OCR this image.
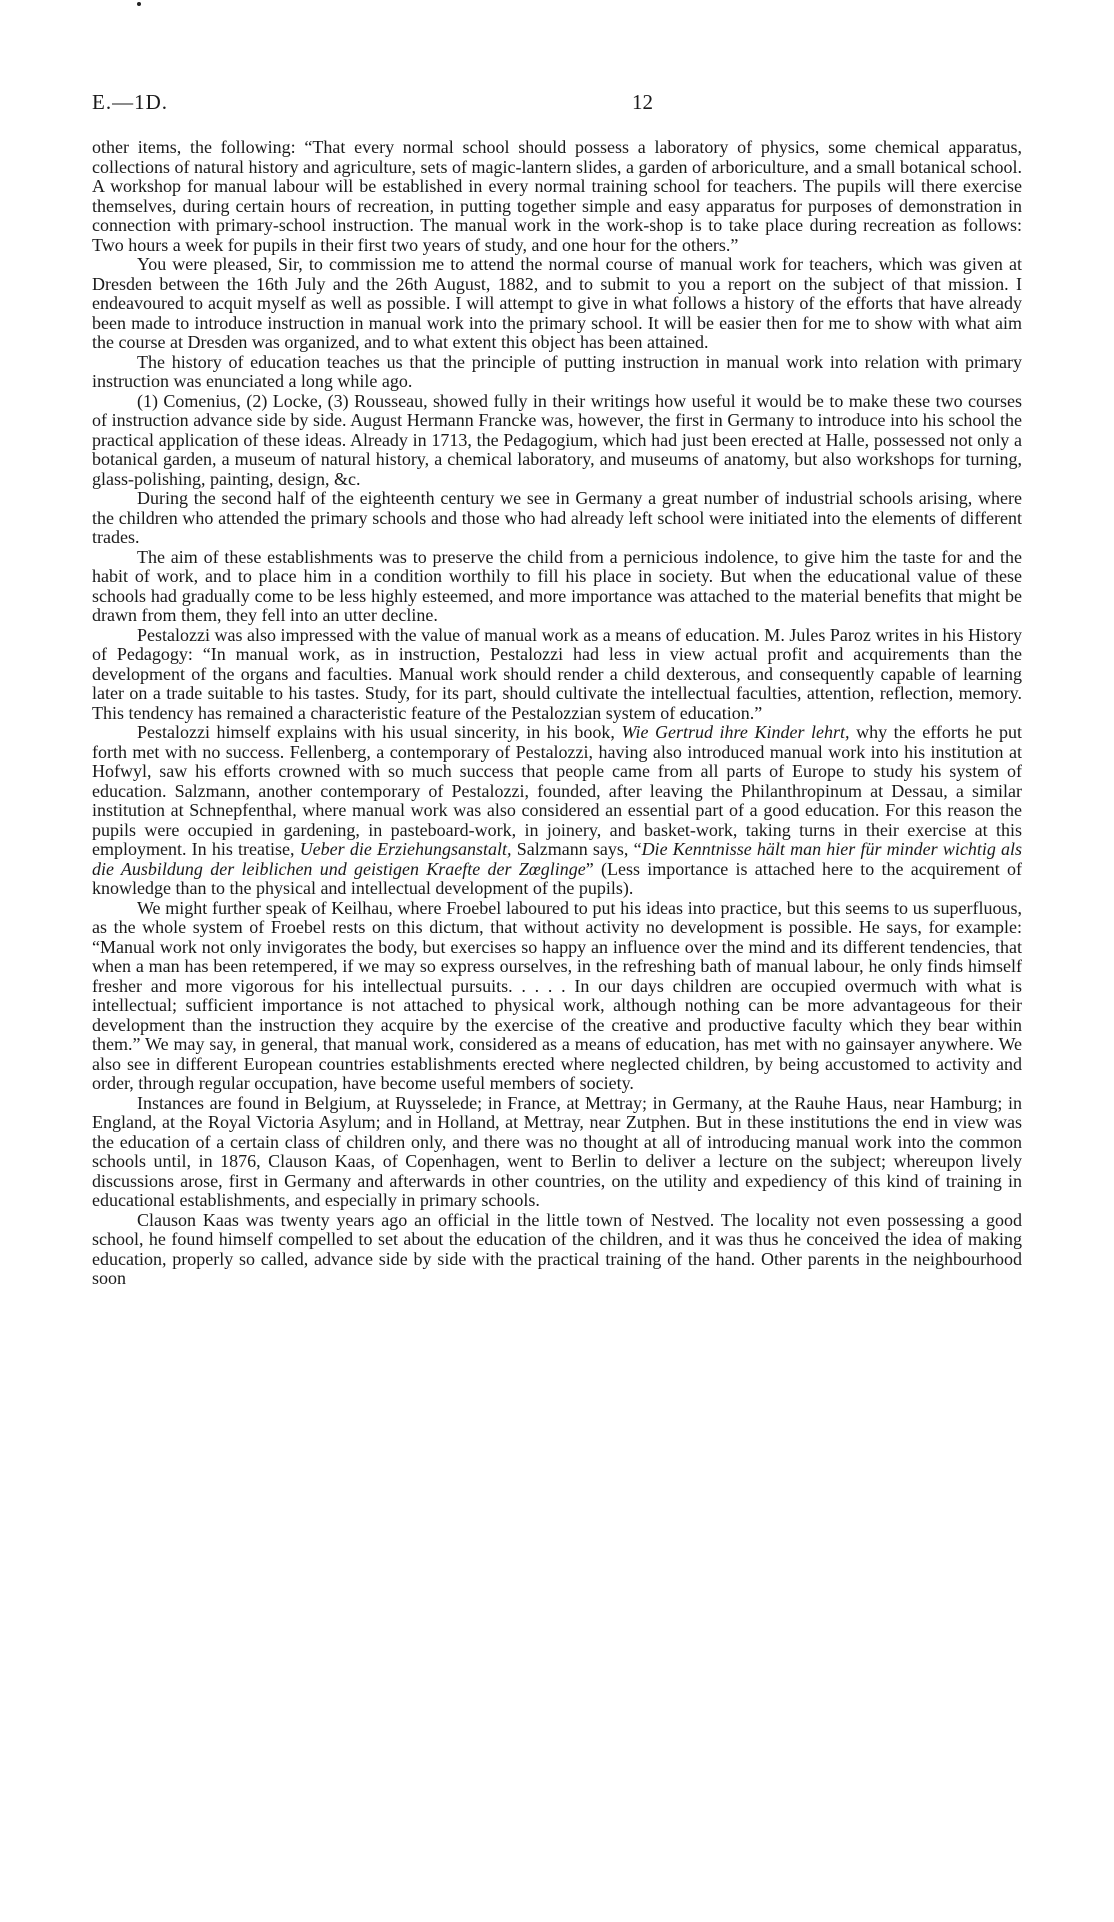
E.—1D.	12

other items, the following: “That every normal school should possess a laboratory of physics, some chemical apparatus, collections of natural history and agriculture, sets of magic-lantern slides, a garden of arboriculture, and a small botanical school. A workshop for manual labour will be established in every normal training school for teachers. The pupils will there exercise themselves, during certain hours of recreation, in putting together simple and easy apparatus for purposes of demonstration in connection with primary-school instruction. The manual work in the work-shop is to take place during recreation as follows: Two hours a week for pupils in their first two years of study, and one hour for the others.”

You were pleased, Sir, to commission me to attend the normal course of manual work for teachers, which was given at Dresden between the 16th July and the 26th August, 1882, and to submit to you a report on the subject of that mission. I endeavoured to acquit myself as well as possible. I will attempt to give in what follows a history of the efforts that have already been made to introduce instruction in manual work into the primary school. It will be easier then for me to show with what aim the course at Dresden was organized, and to what extent this object has been attained.

The history of education teaches us that the principle of putting instruction in manual work into relation with primary instruction was enunciated a long while ago.

(1) Comenius, (2) Locke, (3) Rousseau, showed fully in their writings how useful it would be to make these two courses of instruction advance side by side. August Hermann Francke was, however, the first in Germany to introduce into his school the practical application of these ideas. Already in 1713, the Pedagogium, which had just been erected at Halle, possessed not only a botanical garden, a museum of natural history, a chemical laboratory, and museums of anatomy, but also workshops for turning, glass-polishing, painting, design, &c.

During the second half of the eighteenth century we see in Germany a great number of industrial schools arising, where the children who attended the primary schools and those who had already left school were initiated into the elements of different trades.

The aim of these establishments was to preserve the child from a pernicious indolence, to give him the taste for and the habit of work, and to place him in a condition worthily to fill his place in society. But when the educational value of these schools had gradually come to be less highly esteemed, and more importance was attached to the material benefits that might be drawn from them, they fell into an utter decline.

Pestalozzi was also impressed with the value of manual work as a means of education. M. Jules Paroz writes in his History of Pedagogy: “In manual work, as in instruction, Pestalozzi had less in view actual profit and acquirements than the development of the organs and faculties. Manual work should render a child dexterous, and consequently capable of learning later on a trade suitable to his tastes. Study, for its part, should cultivate the intellectual faculties, attention, reflection, memory. This tendency has remained a characteristic feature of the Pestalozzian system of education.”

Pestalozzi himself explains with his usual sincerity, in his book, Wie Gertrud ihre Kinder lehrt, why the efforts he put forth met with no success. Fellenberg, a contemporary of Pestalozzi, having also introduced manual work into his institution at Hofwyl, saw his efforts crowned with so much success that people came from all parts of Europe to study his system of education. Salzmann, another contemporary of Pestalozzi, founded, after leaving the Philanthropinum at Dessau, a similar institution at Schnepfenthal, where manual work was also considered an essential part of a good education. For this reason the pupils were occupied in gardening, in pasteboard-work, in joinery, and basket-work, taking turns in their exercise at this employment. In his treatise, Ueber die Erziehungsanstalt, Salzmann says, “Die Kenntnisse hält man hier für minder wichtig als die Ausbildung der leiblichen und geistigen Kraefte der Zœglinge” (Less importance is attached here to the acquirement of knowledge than to the physical and intellectual development of the pupils).

We might further speak of Keilhau, where Froebel laboured to put his ideas into practice, but this seems to us superfluous, as the whole system of Froebel rests on this dictum, that without activity no development is possible. He says, for example: “Manual work not only invigorates the body, but exercises so happy an influence over the mind and its different tendencies, that when a man has been retempered, if we may so express ourselves, in the refreshing bath of manual labour, he only finds himself fresher and more vigorous for his intellectual pursuits. . . . . In our days children are occupied overmuch with what is intellectual; sufficient importance is not attached to physical work, although nothing can be more advantageous for their development than the instruction they acquire by the exercise of the creative and productive faculty which they bear within them.” We may say, in general, that manual work, considered as a means of education, has met with no gainsayer anywhere. We also see in different European countries establishments erected where neglected children, by being accustomed to activity and order, through regular occupation, have become useful members of society.

Instances are found in Belgium, at Ruysselede; in France, at Mettray; in Germany, at the Rauhe Haus, near Hamburg; in England, at the Royal Victoria Asylum; and in Holland, at Mettray, near Zutphen. But in these institutions the end in view was the education of a certain class of children only, and there was no thought at all of introducing manual work into the common schools until, in 1876, Clauson Kaas, of Copenhagen, went to Berlin to deliver a lecture on the subject; whereupon lively discussions arose, first in Germany and afterwards in other countries, on the utility and expediency of this kind of training in educational establishments, and especially in primary schools.

Clauson Kaas was twenty years ago an official in the little town of Nestved. The locality not even possessing a good school, he found himself compelled to set about the education of the children, and it was thus he conceived the idea of making education, properly so called, advance side by side with the practical training of the hand. Other parents in the neighbourhood soon
